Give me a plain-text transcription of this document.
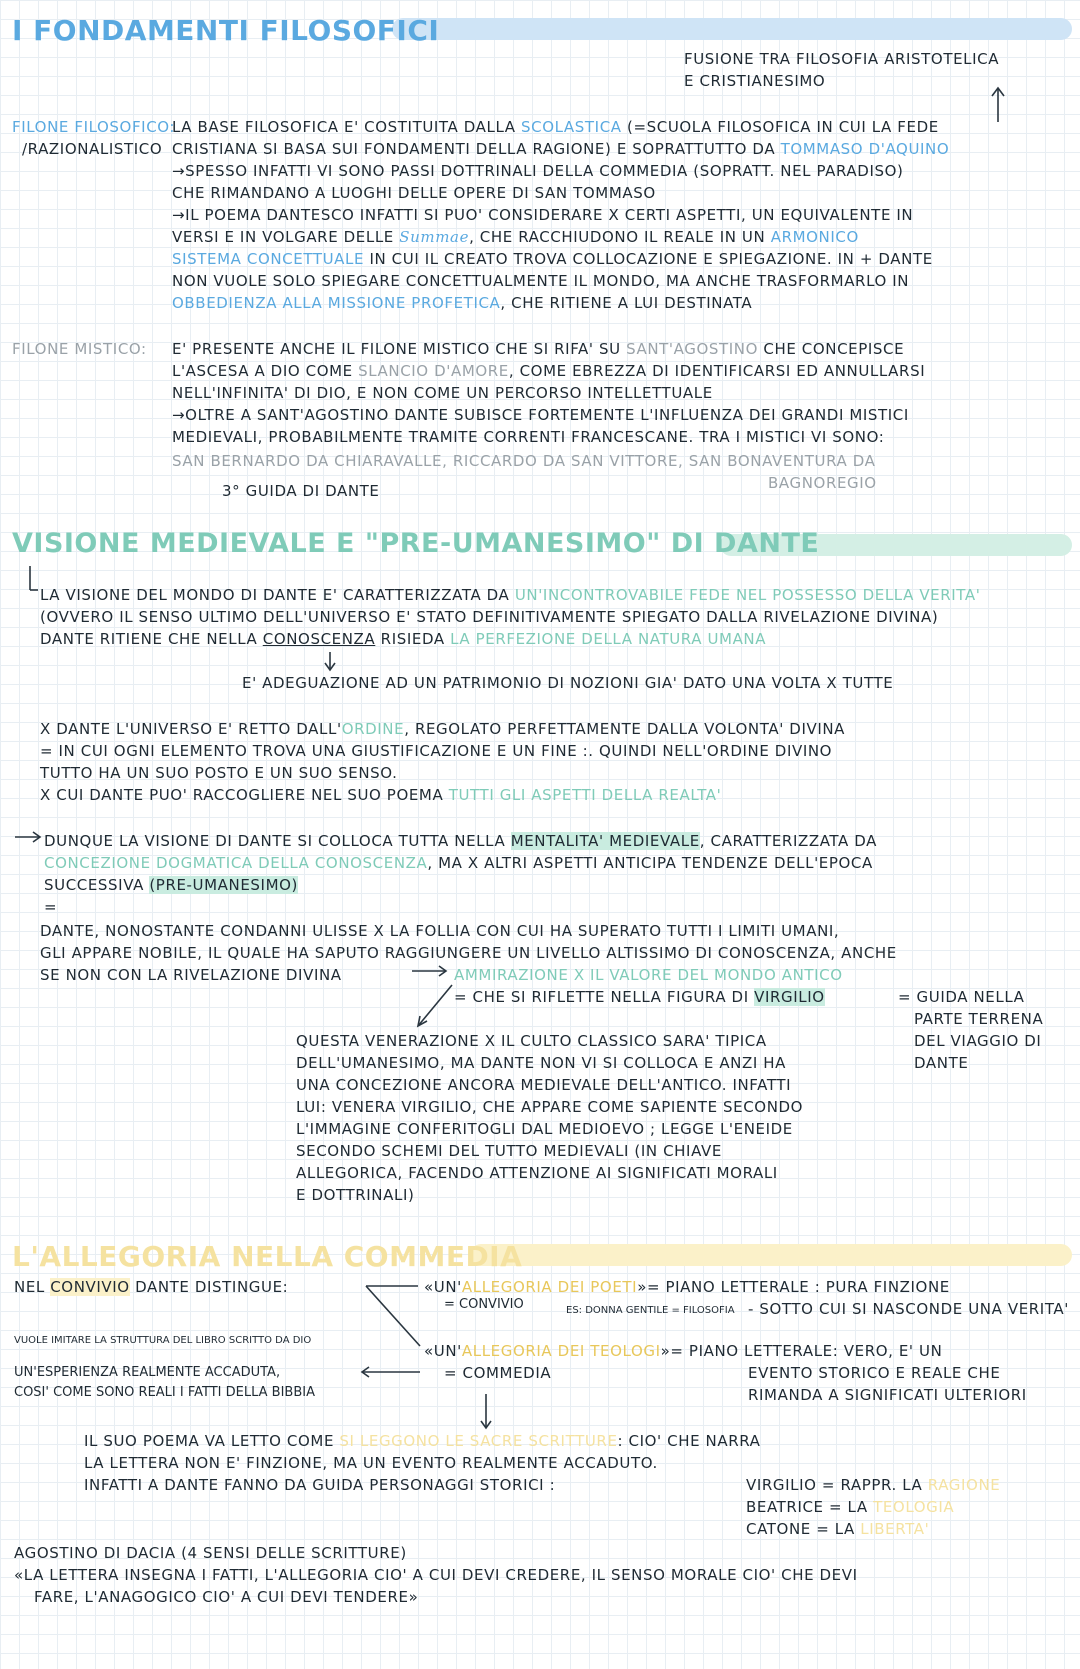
I FONDAMENTI FILOSOFICI
FUSIONE TRA FILOSOFIA ARISTOTELICA
E CRISTIANESIMO
FILONE FILOSOFICO:
/RAZIONALISTICO
LA BASE FILOSOFICA E' COSTITUITA DALLA SCOLASTICA (=SCUOLA FILOSOFICA IN CUI LA FEDE
CRISTIANA SI BASA SUI FONDAMENTI DELLA RAGIONE) E SOPRATTUTTO DA TOMMASO D'AQUINO
→SPESSO INFATTI VI SONO PASSI DOTTRINALI DELLA COMMEDIA (SOPRATT. NEL PARADISO)
CHE RIMANDANO A LUOGHI DELLE OPERE DI SAN TOMMASO
→IL POEMA DANTESCO INFATTI SI PUO' CONSIDERARE X CERTI ASPETTI, UN EQUIVALENTE IN
VERSI E IN VOLGARE DELLE Summae, CHE RACCHIUDONO IL REALE IN UN ARMONICO
SISTEMA CONCETTUALE IN CUI IL CREATO TROVA COLLOCAZIONE E SPIEGAZIONE. IN + DANTE
NON VUOLE SOLO SPIEGARE CONCETTUALMENTE IL MONDO, MA ANCHE TRASFORMARLO IN
OBBEDIENZA ALLA MISSIONE PROFETICA, CHE RITIENE A LUI DESTINATA
FILONE MISTICO: E' PRESENTE ANCHE IL FILONE MISTICO CHE SI RIFA' SU SANT'AGOSTINO CHE CONCEPISCE
L'ASCESA A DIO COME SLANCIO D'AMORE, COME EBREZZA DI IDENTIFICARSI ED ANNULLARSI
NELL'INFINITA' DI DIO, E NON COME UN PERCORSO INTELLETTUALE
→OLTRE A SANT'AGOSTINO DANTE SUBISCE FORTEMENTE L'INFLUENZA DEI GRANDI MISTICI
MEDIEVALI, PROBABILMENTE TRAMITE CORRENTI FRANCESCANE. TRA I MISTICI VI SONO:
SAN BERNARDO DA CHIARAVALLE, RICCARDO DA SAN VITTORE, SAN BONAVENTURA DA
BAGNOREGIO
3° GUIDA DI DANTE
VISIONE MEDIEVALE E "PRE-UMANESIMO" DI DANTE
LA VISIONE DEL MONDO DI DANTE E' CARATTERIZZATA DA UN'INCONTROVABILE FEDE NEL POSSESSO DELLA VERITA'
(OVVERO IL SENSO ULTIMO DELL'UNIVERSO E' STATO DEFINITIVAMENTE SPIEGATO DALLA RIVELAZIONE DIVINA)
DANTE RITIENE CHE NELLA CONOSCENZA RISIEDA LA PERFEZIONE DELLA NATURA UMANA
E' ADEGUAZIONE AD UN PATRIMONIO DI NOZIONI GIA' DATO UNA VOLTA X TUTTE
X DANTE L'UNIVERSO E' RETTO DALL'ORDINE, REGOLATO PERFETTAMENTE DALLA VOLONTA' DIVINA
= IN CUI OGNI ELEMENTO TROVA UNA GIUSTIFICAZIONE E UN FINE :. QUINDI NELL'ORDINE DIVINO
TUTTO HA UN SUO POSTO E UN SUO SENSO.
X CUI DANTE PUO' RACCOGLIERE NEL SUO POEMA TUTTI GLI ASPETTI DELLA REALTA'
DUNQUE LA VISIONE DI DANTE SI COLLOCA TUTTA NELLA MENTALITA' MEDIEVALE, CARATTERIZZATA DA
CONCEZIONE DOGMATICA DELLA CONOSCENZA, MA X ALTRI ASPETTI ANTICIPA TENDENZE DELL'EPOCA
SUCCESSIVA (PRE-UMANESIMO)
=
DANTE, NONOSTANTE CONDANNI ULISSE X LA FOLLIA CON CUI HA SUPERATO TUTTI I LIMITI UMANI,
GLI APPARE NOBILE, IL QUALE HA SAPUTO RAGGIUNGERE UN LIVELLO ALTISSIMO DI CONOSCENZA, ANCHE
SE NON CON LA RIVELAZIONE DIVINA	AMMIRAZIONE X IL VALORE DEL MONDO ANTICO
= CHE SI RIFLETTE NELLA FIGURA DI VIRGILIO	= GUIDA NELLA
PARTE TERRENA
DEL VIAGGIO DI
DANTE
QUESTA VENERAZIONE X IL CULTO CLASSICO SARA' TIPICA
DELL'UMANESIMO, MA DANTE NON VI SI COLLOCA E ANZI HA
UNA CONCEZIONE ANCORA MEDIEVALE DELL'ANTICO. INFATTI
LUI: VENERA VIRGILIO, CHE APPARE COME SAPIENTE SECONDO
L'IMMAGINE CONFERITOGLI DAL MEDIOEVO ; LEGGE L'ENEIDE
SECONDO SCHEMI DEL TUTTO MEDIEVALI (IN CHIAVE
ALLEGORICA, FACENDO ATTENZIONE AI SIGNIFICATI MORALI
E DOTTRINALI)
L'ALLEGORIA NELLA COMMEDIA
NEL CONVIVIO DANTE DISTINGUE:	«UN'ALLEGORIA DEI POETI»= PIANO LETTERALE : PURA FINZIONE
= CONVIVIO	ES: DONNA GENTILE = FILOSOFIA - SOTTO CUI SI NASCONDE UNA VERITA'
VUOLE IMITARE LA STRUTTURA DEL LIBRO SCRITTO DA DIO
«UN'ALLEGORIA DEI TEOLOGI»= PIANO LETTERALE: VERO, E' UN
= COMMEDIA	EVENTO STORICO E REALE CHE
RIMANDA A SIGNIFICATI ULTERIORI
UN'ESPERIENZA REALMENTE ACCADUTA,
COSI' COME SONO REALI I FATTI DELLA BIBBIA
IL SUO POEMA VA LETTO COME SI LEGGONO LE SACRE SCRITTURE: CIO' CHE NARRA
LA LETTERA NON E' FINZIONE, MA UN EVENTO REALMENTE ACCADUTO.
INFATTI A DANTE FANNO DA GUIDA PERSONAGGI STORICI :	VIRGILIO = RAPPR. LA RAGIONE
BEATRICE = LA TEOLOGIA
CATONE = LA LIBERTA'
AGOSTINO DI DACIA (4 SENSI DELLE SCRITTURE)
«LA LETTERA INSEGNA I FATTI, L'ALLEGORIA CIO' A CUI DEVI CREDERE, IL SENSO MORALE CIO' CHE DEVI
FARE, L'ANAGOGICO CIO' A CUI DEVI TENDERE»
